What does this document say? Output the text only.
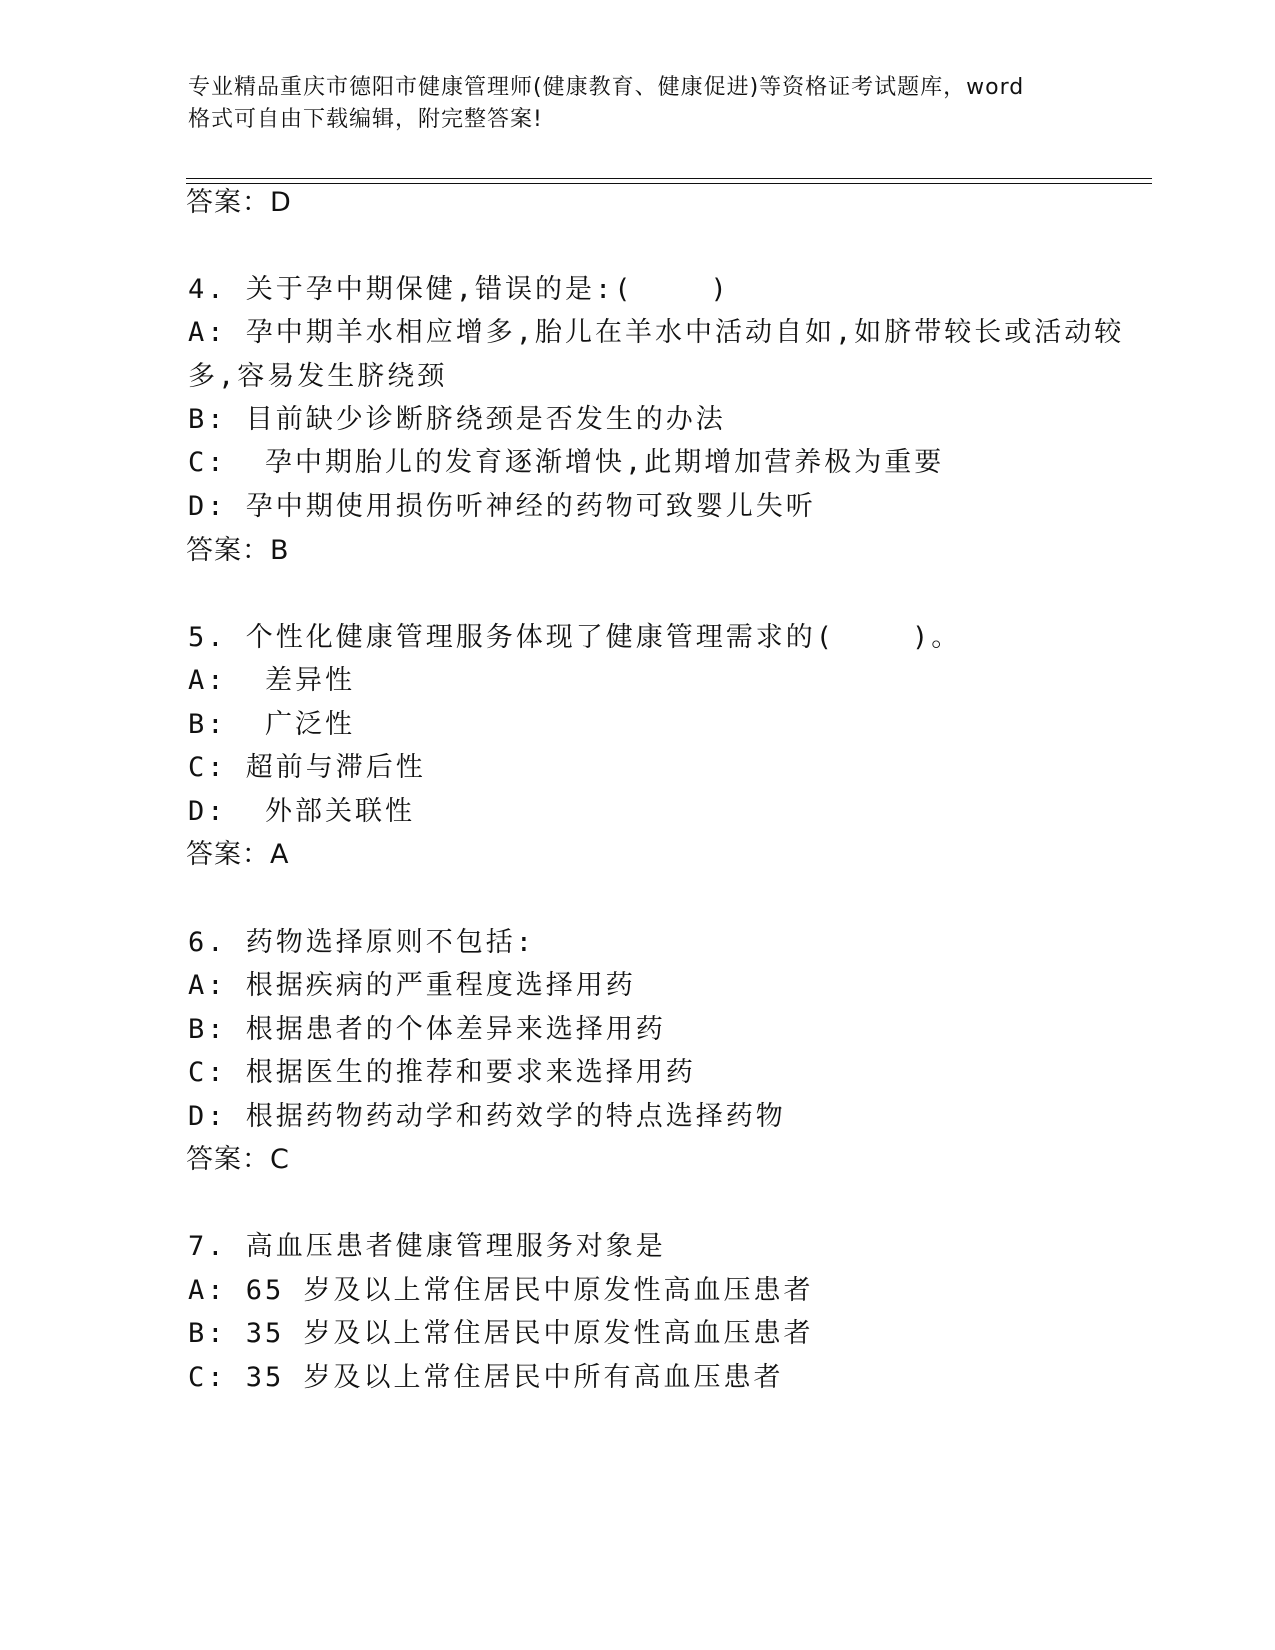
专业精品重庆市德阳市健康管理师(健康教育、健康促进)等资格证考试题库，word
格式可自由下载编辑，附完整答案!
答案：D
4. 关于孕中期保健,错误的是:(    )
A: 孕中期羊水相应增多,胎儿在羊水中活动自如,如脐带较长或活动较
多,容易发生脐绕颈
B: 目前缺少诊断脐绕颈是否发生的办法
C:  孕中期胎儿的发育逐渐增快,此期增加营养极为重要
D: 孕中期使用损伤听神经的药物可致婴儿失听
答案：B
5. 个性化健康管理服务体现了健康管理需求的(    )。
A:  差异性
B:  广泛性
C: 超前与滞后性
D:  外部关联性
答案：A
6. 药物选择原则不包括:
A: 根据疾病的严重程度选择用药
B: 根据患者的个体差异来选择用药
C: 根据医生的推荐和要求来选择用药
D: 根据药物药动学和药效学的特点选择药物
答案：C
7. 高血压患者健康管理服务对象是
A: 65 岁及以上常住居民中原发性高血压患者
B: 35 岁及以上常住居民中原发性高血压患者
C: 35 岁及以上常住居民中所有高血压患者
